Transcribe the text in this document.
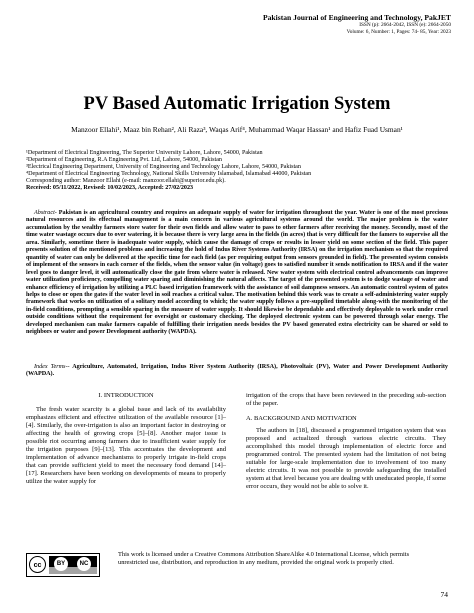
Pakistan Journal of Engineering and Technology, PakJET
ISSN (p): 2664-2042, ISSN (e): 2664-2050
Volume: 6, Number: 1, Pages: 74- 85, Year: 2023
PV Based Automatic Irrigation System
Manzoor Ellahi¹, Maaz bin Rehan², Ali Raza³, Waqas Arif⁴, Muhammad Waqar Hassan¹ and Hafiz Fuad Usman¹
¹Department of Electrical Engineering, The Superior University Lahore, Lahore, 54000, Pakistan
²Department of Engineering, R.A Engineering Pvt. Ltd, Lahore, 54000, Pakistan
³Electrical Engineering Department, University of Engineering and Technology Lahore, Lahore, 54000, Pakistan
⁴Department of Electrical Engineering Technology, National Skills University Islamabad, Islamabad 44000, Pakistan
Corresponding author: Manzoor Ellahi (e-mail: manzoor.ellahi@superior.edu.pk).
Received: 05/11/2022, Revised: 10/02/2023, Accepted: 27/02/2023
Abstract- Pakistan is an agricultural country and requires an adequate supply of water for irrigation throughout the year. Water is one of the most precious natural resources and its effectual management is a main concern in various agricultural systems around the world. The major problem is the water accumulation by the wealthy farmers store water for their own fields and allow water to pass to other farmers after receiving the money. Secondly, most of the time water wastage occurs due to over watering, it is because there is very large area in the fields (in acres) that is very difficult for the famers to supervise all the area. Similarly, sometime there is inadequate water supply, which cause the damage of crops or results in lesser yield on some section of the field. This paper presents solution of the mentioned problems and increasing the hold of Indus River Systems Authority (IRSA) on the irrigation mechanism so that the required quantity of water can only be delivered at the specific time for each field (as per requiring output from sensors grounded in field). The presented system consists of implement of the sensors in each corner of the fields, when the sensor value (in voltage) goes to satisfied number it sends notification to IRSA and if the water level goes to danger level, it will automatically close the gate from where water is released. New water system with electrical control advancements can improve water utilization proficiency, compelling water sparing and diminishing the natural affects. The target of the presented system is to dodge wastage of water and enhance efficiency of irrigation by utilizing a PLC based irrigation framework with the assistance of soil dampness sensors. An automatic control system of gates helps to close or open the gates if the water level in soil reaches a critical value. The motivation behind this work was to create a self-administering water supply framework that works on utilization of a solitary model according to which; the water supply follows a pre-supplied timetable along-with the monitoring of the in-field conditions, prompting a sensible sparing in the measure of water supply. It should likewise be dependable and effectively deployable to work under cruel outside conditions without the requirement for oversight or customary checking. The deployed electronic system can be powered through solar energy. The developed mechanism can make farmers capable of fulfilling their irrigation needs besides the PV based generated extra electricity can be shared or sold to neighbors or water and power Development authority (WAPDA).
Index Terms-- Agriculture, Automated, Irrigation, Indus River System Authority (IRSA), Photovoltaic (PV), Water and Power Development Authority (WAPDA).
I. INTRODUCTION

The fresh water scarcity is a global issue and lack of its availability emphasizes efficient and effective utilization of the available resource [1]–[4]. Similarly, the over-irrigation is also an important factor in destroying or affecting the health of growing crops [5]–[8]. Another major issue is possible riot occurring among farmers due to insufficient water supply for the irrigation purposes [9]–[13]. This accentuates the development and implementation of advance mechanisms to properly irrigate in-field crops that can provide sufficient yield to meet the necessary food demand [14]–[17]. Researchers have been working on developments of means to properly utilize the water supply for

irrigation of the crops that have been reviewed in the preceding sub-section of the paper.

A. BACKGROUND AND MOTIVATION

The authors in [18], discussed a programmed irrigation system that was proposed and actualized through various electric circuits. They accomplished this model through implementation of electric force and programmed control. The presented system had the limitation of not being suitable for large-scale implementation due to involvement of too many electric circuits. It was not possible to provide safeguarding the installed system at that level because you are dealing with uneducated people, if some error occurs, they would not be able to solve it.

cc	BY	NC
This work is licensed under a Creative Commons Attribution ShareAlike 4.0 International License, which permits unrestricted use, distribution, and reproduction in any medium, provided the original work is properly cited.
74
